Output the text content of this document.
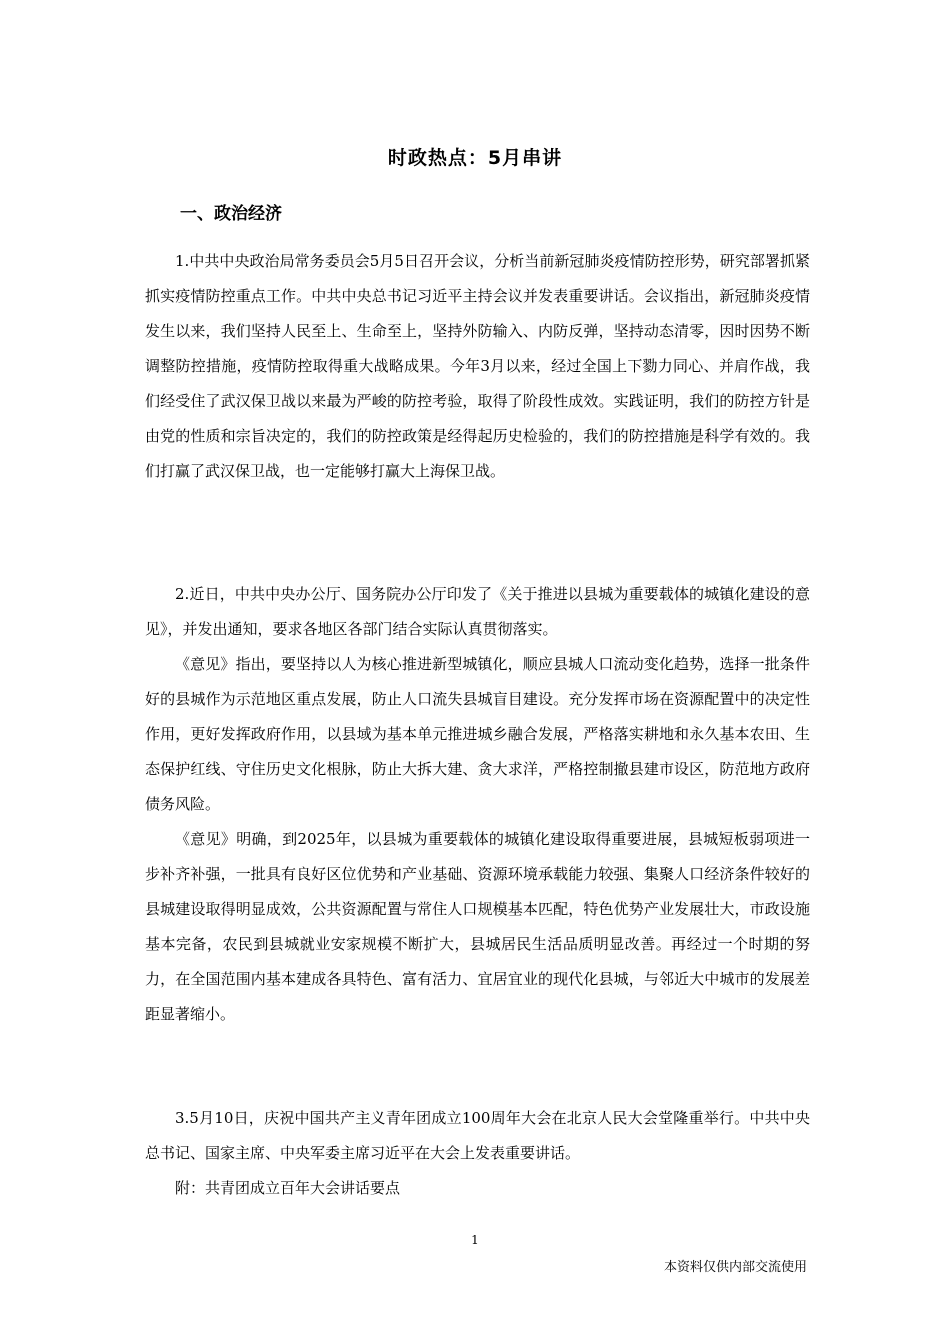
时政热点：5月串讲
一、政治经济

1.中共中央政治局常务委员会5月5日召开会议，分析当前新冠肺炎疫情防控形势，研究部署抓紧抓实疫情防控重点工作。中共中央总书记习近平主持会议并发表重要讲话。会议指出，新冠肺炎疫情发生以来，我们坚持人民至上、生命至上，坚持外防输入、内防反弹，坚持动态清零，因时因势不断调整防控措施，疫情防控取得重大战略成果。今年3月以来，经过全国上下勠力同心、并肩作战，我们经受住了武汉保卫战以来最为严峻的防控考验，取得了阶段性成效。实践证明，我们的防控方针是由党的性质和宗旨决定的，我们的防控政策是经得起历史检验的，我们的防控措施是科学有效的。我们打赢了武汉保卫战，也一定能够打赢大上海保卫战。

2.近日，中共中央办公厅、国务院办公厅印发了《关于推进以县城为重要载体的城镇化建设的意见》，并发出通知，要求各地区各部门结合实际认真贯彻落实。

《意见》指出，要坚持以人为核心推进新型城镇化，顺应县城人口流动变化趋势，选择一批条件好的县城作为示范地区重点发展，防止人口流失县城盲目建设。充分发挥市场在资源配置中的决定性作用，更好发挥政府作用，以县域为基本单元推进城乡融合发展，严格落实耕地和永久基本农田、生态保护红线、守住历史文化根脉，防止大拆大建、贪大求洋，严格控制撤县建市设区，防范地方政府债务风险。

《意见》明确，到2025年，以县城为重要载体的城镇化建设取得重要进展，县城短板弱项进一步补齐补强，一批具有良好区位优势和产业基础、资源环境承载能力较强、集聚人口经济条件较好的县城建设取得明显成效，公共资源配置与常住人口规模基本匹配，特色优势产业发展壮大，市政设施基本完备，农民到县城就业安家规模不断扩大，县城居民生活品质明显改善。再经过一个时期的努力，在全国范围内基本建成各具特色、富有活力、宜居宜业的现代化县城，与邻近大中城市的发展差距显著缩小。

3.5月10日，庆祝中国共产主义青年团成立100周年大会在北京人民大会堂隆重举行。中共中央总书记、国家主席、中央军委主席习近平在大会上发表重要讲话。

附：共青团成立百年大会讲话要点

1
本资料仅供内部交流使用
